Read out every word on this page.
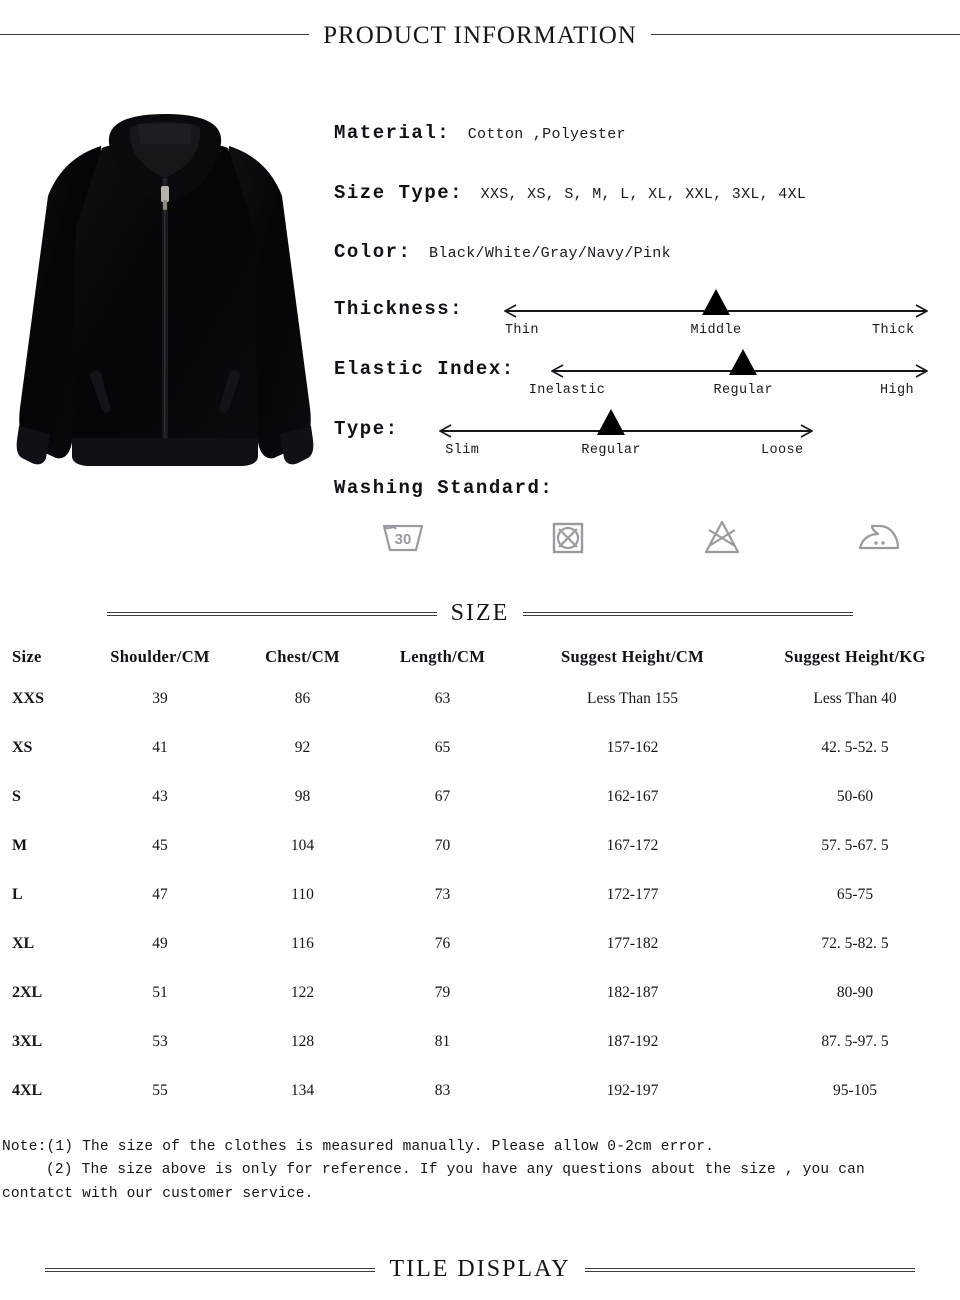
PRODUCT INFORMATION
Material: Cotton ,Polyester
Size Type: XXS, XS, S, M, L, XL, XXL, 3XL, 4XL
Color: Black/White/Gray/Navy/Pink
Thickness:
Elastic Index:
Type:
Washing Standard:
Thin	Middle	Thick
Inelastic	Regular	High
Slim	Regular	Loose
30
SIZE
Size	Shoulder/CM	Chest/CM	Length/CM	Suggest Height/CM	Suggest Height/KG
XXS	39	86	63	Less Than 155	Less Than 40
XS	41	92	65	157-162	42. 5-52. 5
S	43	98	67	162-167	50-60
M	45	104	70	167-172	57. 5-67. 5
L	47	110	73	172-177	65-75
XL	49	116	76	177-182	72. 5-82. 5
2XL	51	122	79	182-187	80-90
3XL	53	128	81	187-192	87. 5-97. 5
4XL	55	134	83	192-197	95-105
Note:(1) The size of the clothes is measured manually. Please allow 0-2cm error.
(2) The size above is only for reference. If you have any questions about the size , you can
contatct with our customer service.
TILE DISPLAY
